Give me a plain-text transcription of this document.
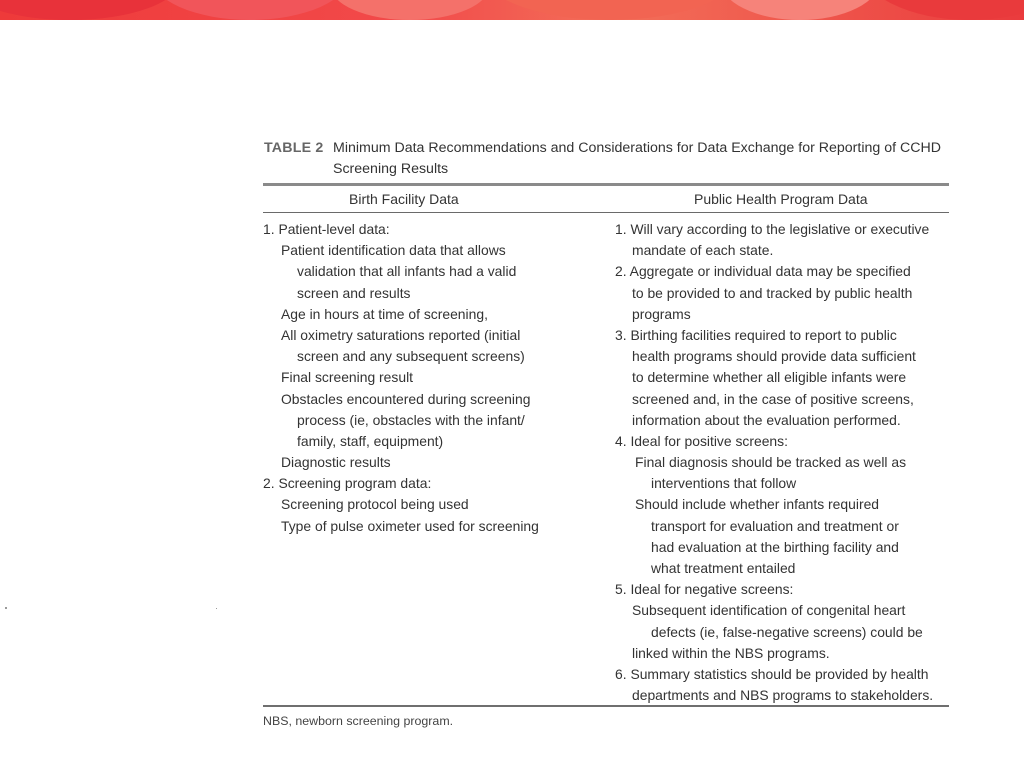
TABLE 2 Minimum Data Recommendations and Considerations for Data Exchange for Reporting of CCHD Screening Results
Birth Facility Data	Public Health Program Data
1. Patient-level data:
Patient identification data that allows
validation that all infants had a valid
screen and results
Age in hours at time of screening,
All oximetry saturations reported (initial
screen and any subsequent screens)
Final screening result
Obstacles encountered during screening
process (ie, obstacles with the infant/
family, staff, equipment)
Diagnostic results
2. Screening program data:
Screening protocol being used
Type of pulse oximeter used for screening
1. Will vary according to the legislative or executive
mandate of each state.
2. Aggregate or individual data may be specified
to be provided to and tracked by public health
programs
3. Birthing facilities required to report to public
health programs should provide data sufficient
to determine whether all eligible infants were
screened and, in the case of positive screens,
information about the evaluation performed.
4. Ideal for positive screens:
Final diagnosis should be tracked as well as
interventions that follow
Should include whether infants required
transport for evaluation and treatment or
had evaluation at the birthing facility and
what treatment entailed
5. Ideal for negative screens:
Subsequent identification of congenital heart
defects (ie, false-negative screens) could be
linked within the NBS programs.
6. Summary statistics should be provided by health
departments and NBS programs to stakeholders.
NBS, newborn screening program.
